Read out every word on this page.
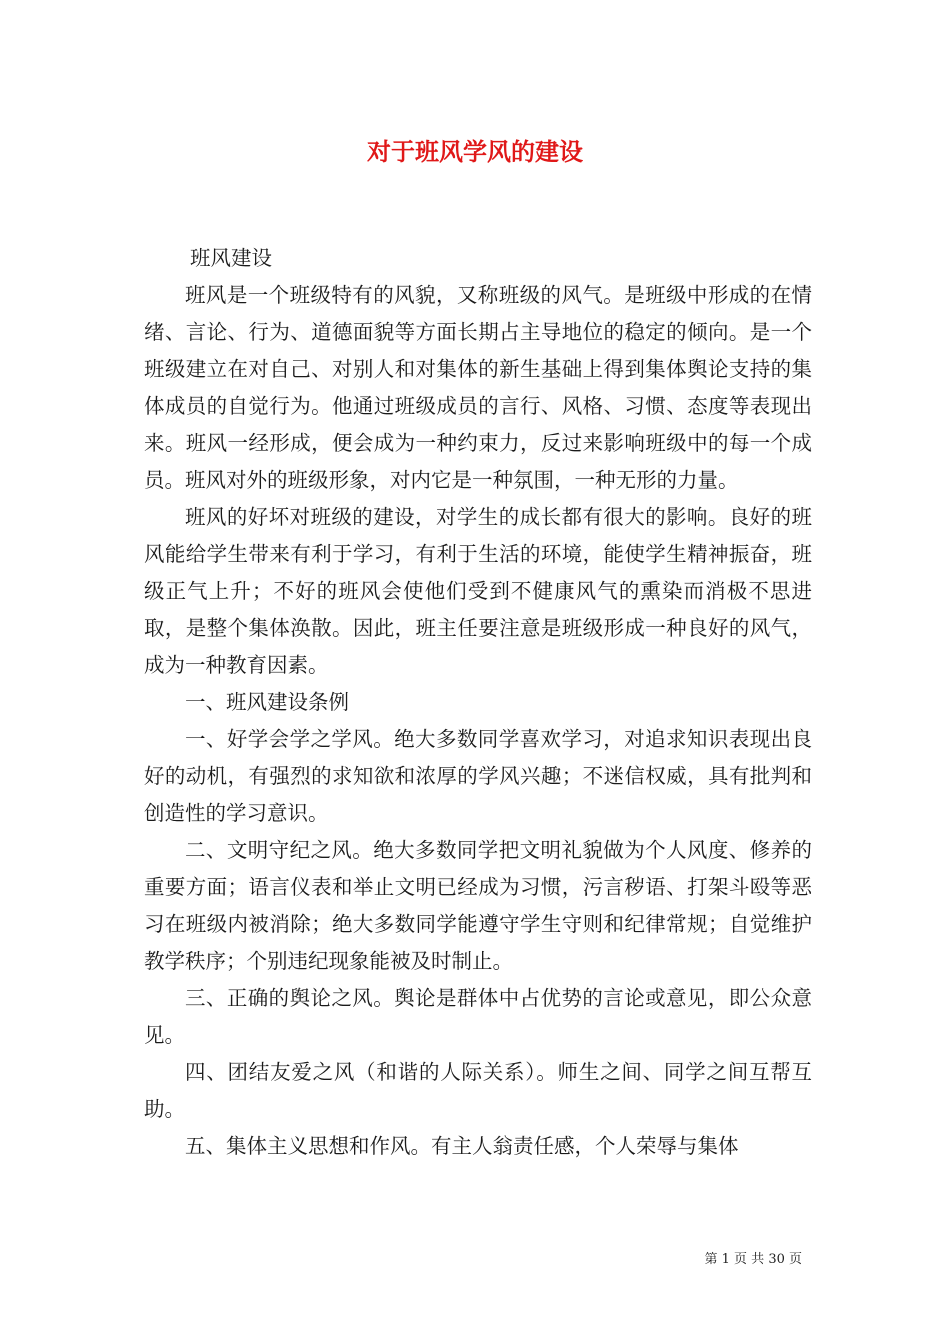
对于班风学风的建设

班风建设

班风是一个班级特有的风貌，又称班级的风气。是班级中形成的在情绪、言论、行为、道德面貌等方面长期占主导地位的稳定的倾向。是一个班级建立在对自己、对别人和对集体的新生基础上得到集体舆论支持的集体成员的自觉行为。他通过班级成员的言行、风格、习惯、态度等表现出来。班风一经形成，便会成为一种约束力，反过来影响班级中的每一个成员。班风对外的班级形象，对内它是一种氛围，一种无形的力量。

班风的好坏对班级的建设，对学生的成长都有很大的影响。良好的班风能给学生带来有利于学习，有利于生活的环境，能使学生精神振奋，班级正气上升；不好的班风会使他们受到不健康风气的熏染而消极不思进取，是整个集体涣散。因此，班主任要注意是班级形成一种良好的风气，成为一种教育因素。

一、班风建设条例

一、好学会学之学风。绝大多数同学喜欢学习，对追求知识表现出良好的动机，有强烈的求知欲和浓厚的学风兴趣；不迷信权威，具有批判和创造性的学习意识。

二、文明守纪之风。绝大多数同学把文明礼貌做为个人风度、修养的重要方面；语言仪表和举止文明已经成为习惯，污言秽语、打架斗殴等恶习在班级内被消除；绝大多数同学能遵守学生守则和纪律常规；自觉维护教学秩序；个别违纪现象能被及时制止。

三、正确的舆论之风。舆论是群体中占优势的言论或意见，即公众意见。

四、团结友爱之风（和谐的人际关系）。师生之间、同学之间互帮互助。

五、集体主义思想和作风。有主人翁责任感，个人荣辱与集体

第 1 页 共 30 页
